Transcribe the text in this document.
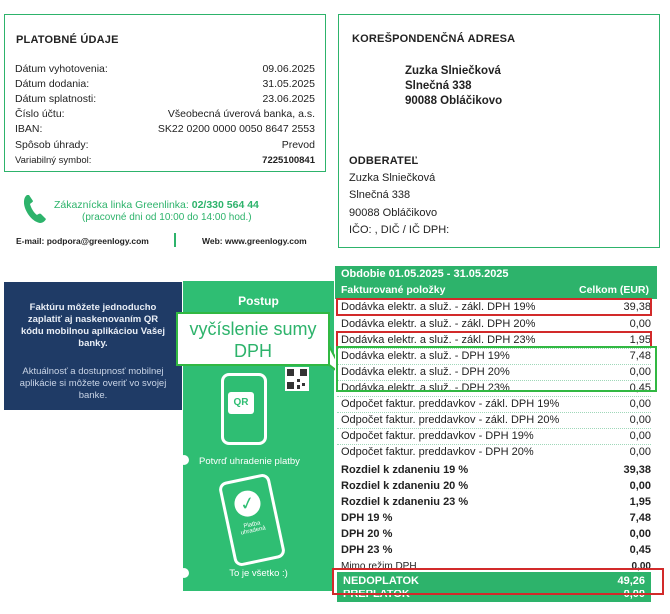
PLATOBNÉ ÚDAJE
Dátum vyhotovenia:	09.06.2025
Dátum dodania:	31.05.2025
Dátum splatnosti:	23.06.2025
Číslo účtu:	Všeobecná úverová banka, a.s.
IBAN:	SK22 0200 0000 0050 8647 2553
Spôsob úhrady:	Prevod
Variabilný symbol:	7225100841
Zákaznícka linka Greenlinka: 02/330 564 44
(pracovné dni od 10:00 do 14:00 hod.)
E-mail: podpora@greenlogy.com	Web: www.greenlogy.com
KOREŠPONDENČNÁ ADRESA
Zuzka Slniečková
Slnečná 338
90088 Obláčikovo
ODBERATEĽ
Zuzka Slniečková
Slnečná 338
90088 Obláčikovo
IČO: , DIČ / IČ DPH:
Faktúru môžete jednoducho zaplatiť aj naskenovaním QR kódu mobilnou aplikáciou Vašej banky.
Aktuálnosť a dostupnosť mobilnej aplikácie si môžete overiť vo svojej banke.
Postup
QR
Potvrď uhradenie platby
✓
Platba uhradená
To je všetko :)
vyčíslenie sumy
DPH
Obdobie 01.05.2025 - 31.05.2025
Fakturované položky	Celkom (EUR)
Dodávka elektr. a služ. - zákl. DPH 19%	39,38
Dodávka elektr. a služ. - zákl. DPH 20%	0,00
Dodávka elektr. a služ. - zákl. DPH 23%	1,95
Dodávka elektr. a služ. - DPH 19%	7,48
Dodávka elektr. a služ. - DPH 20%	0,00
Dodávka elektr. a služ. - DPH 23%	0,45
Odpočet faktur. preddavkov - zákl. DPH 19%	0,00
Odpočet faktur. preddavkov - zákl. DPH 20%	0,00
Odpočet faktur. preddavkov - DPH 19%	0,00
Odpočet faktur. preddavkov - DPH 20%	0,00
Rozdiel k zdaneniu 19 %	39,38
Rozdiel k zdaneniu 20 %	0,00
Rozdiel k zdaneniu 23 %	1,95
DPH 19 %	7,48
DPH 20 %	0,00
DPH 23 %	0,45
Mimo režim DPH	0,00
NEDOPLATOK	49,26
PREPLATOK	0,00
